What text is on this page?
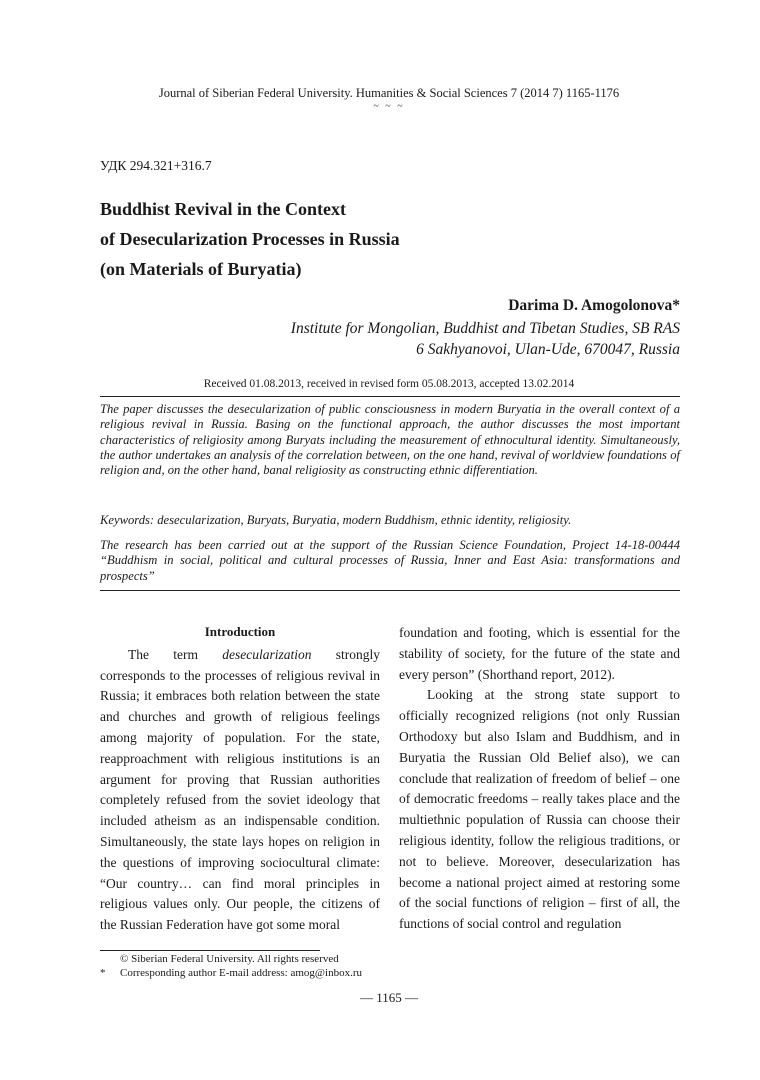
Journal of Siberian Federal University. Humanities & Social Sciences 7 (2014 7) 1165-1176
~ ~ ~
УДК 294.321+316.7
Buddhist Revival in the Context
of Desecularization Processes in Russia
(on Materials of Buryatia)
Darima D. Amogolonova*
Institute for Mongolian, Buddhist and Tibetan Studies, SB RAS
6 Sakhyanovoi, Ulan-Ude, 670047, Russia
Received 01.08.2013, received in revised form 05.08.2013, accepted 13.02.2014
The paper discusses the desecularization of public consciousness in modern Buryatia in the overall context of a religious revival in Russia. Basing on the functional approach, the author discusses the most important characteristics of religiosity among Buryats including the measurement of ethnocultural identity. Simultaneously, the author undertakes an analysis of the correlation between, on the one hand, revival of worldview foundations of religion and, on the other hand, banal religiosity as constructing ethnic differentiation.
Keywords: desecularization, Buryats, Buryatia, modern Buddhism, ethnic identity, religiosity.
The research has been carried out at the support of the Russian Science Foundation, Project 14-18-00444 “Buddhism in social, political and cultural processes of Russia, Inner and East Asia: transformations and prospects”
Introduction

The term desecularization strongly corresponds to the processes of religious revival in Russia; it embraces both relation between the state and churches and growth of religious feelings among majority of population. For the state, reapproachment with religious institutions is an argument for proving that Russian authorities completely refused from the soviet ideology that included atheism as an indispensable condition. Simultaneously, the state lays hopes on religion in the questions of improving sociocultural climate: “Our country… can find moral principles in religious values only. Our people, the citizens of the Russian Federation have got some moral

foundation and footing, which is essential for the stability of society, for the future of the state and every person” (Shorthand report, 2012).

Looking at the strong state support to officially recognized religions (not only Russian Orthodoxy but also Islam and Buddhism, and in Buryatia the Russian Old Belief also), we can conclude that realization of freedom of belief – one of democratic freedoms – really takes place and the multiethnic population of Russia can choose their religious identity, follow the religious traditions, or not to believe. Moreover, desecularization has become a national project aimed at restoring some of the social functions of religion – first of all, the functions of social control and regulation

© Siberian Federal University. All rights reserved
* Corresponding author E-mail address: amog@inbox.ru
— 1165 —
